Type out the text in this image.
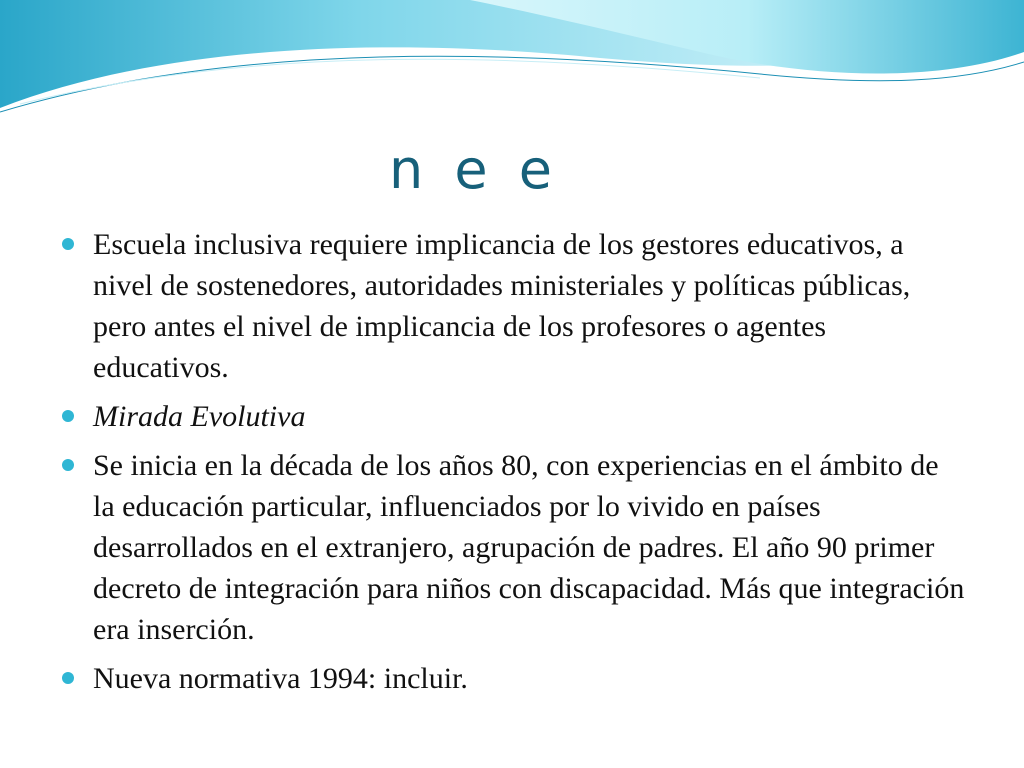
n e e
Escuela inclusiva requiere implicancia de los gestores educativos, a nivel de sostenedores, autoridades ministeriales y políticas públicas, pero antes el nivel de implicancia de los profesores o agentes educativos.
Mirada Evolutiva
Se inicia en la década de los años 80, con experiencias en el ámbito de la educación particular, influenciados por lo vivido en países desarrollados en el extranjero, agrupación de padres. El año 90 primer decreto de integración para niños con discapacidad. Más que integración era inserción.
Nueva normativa 1994: incluir.
